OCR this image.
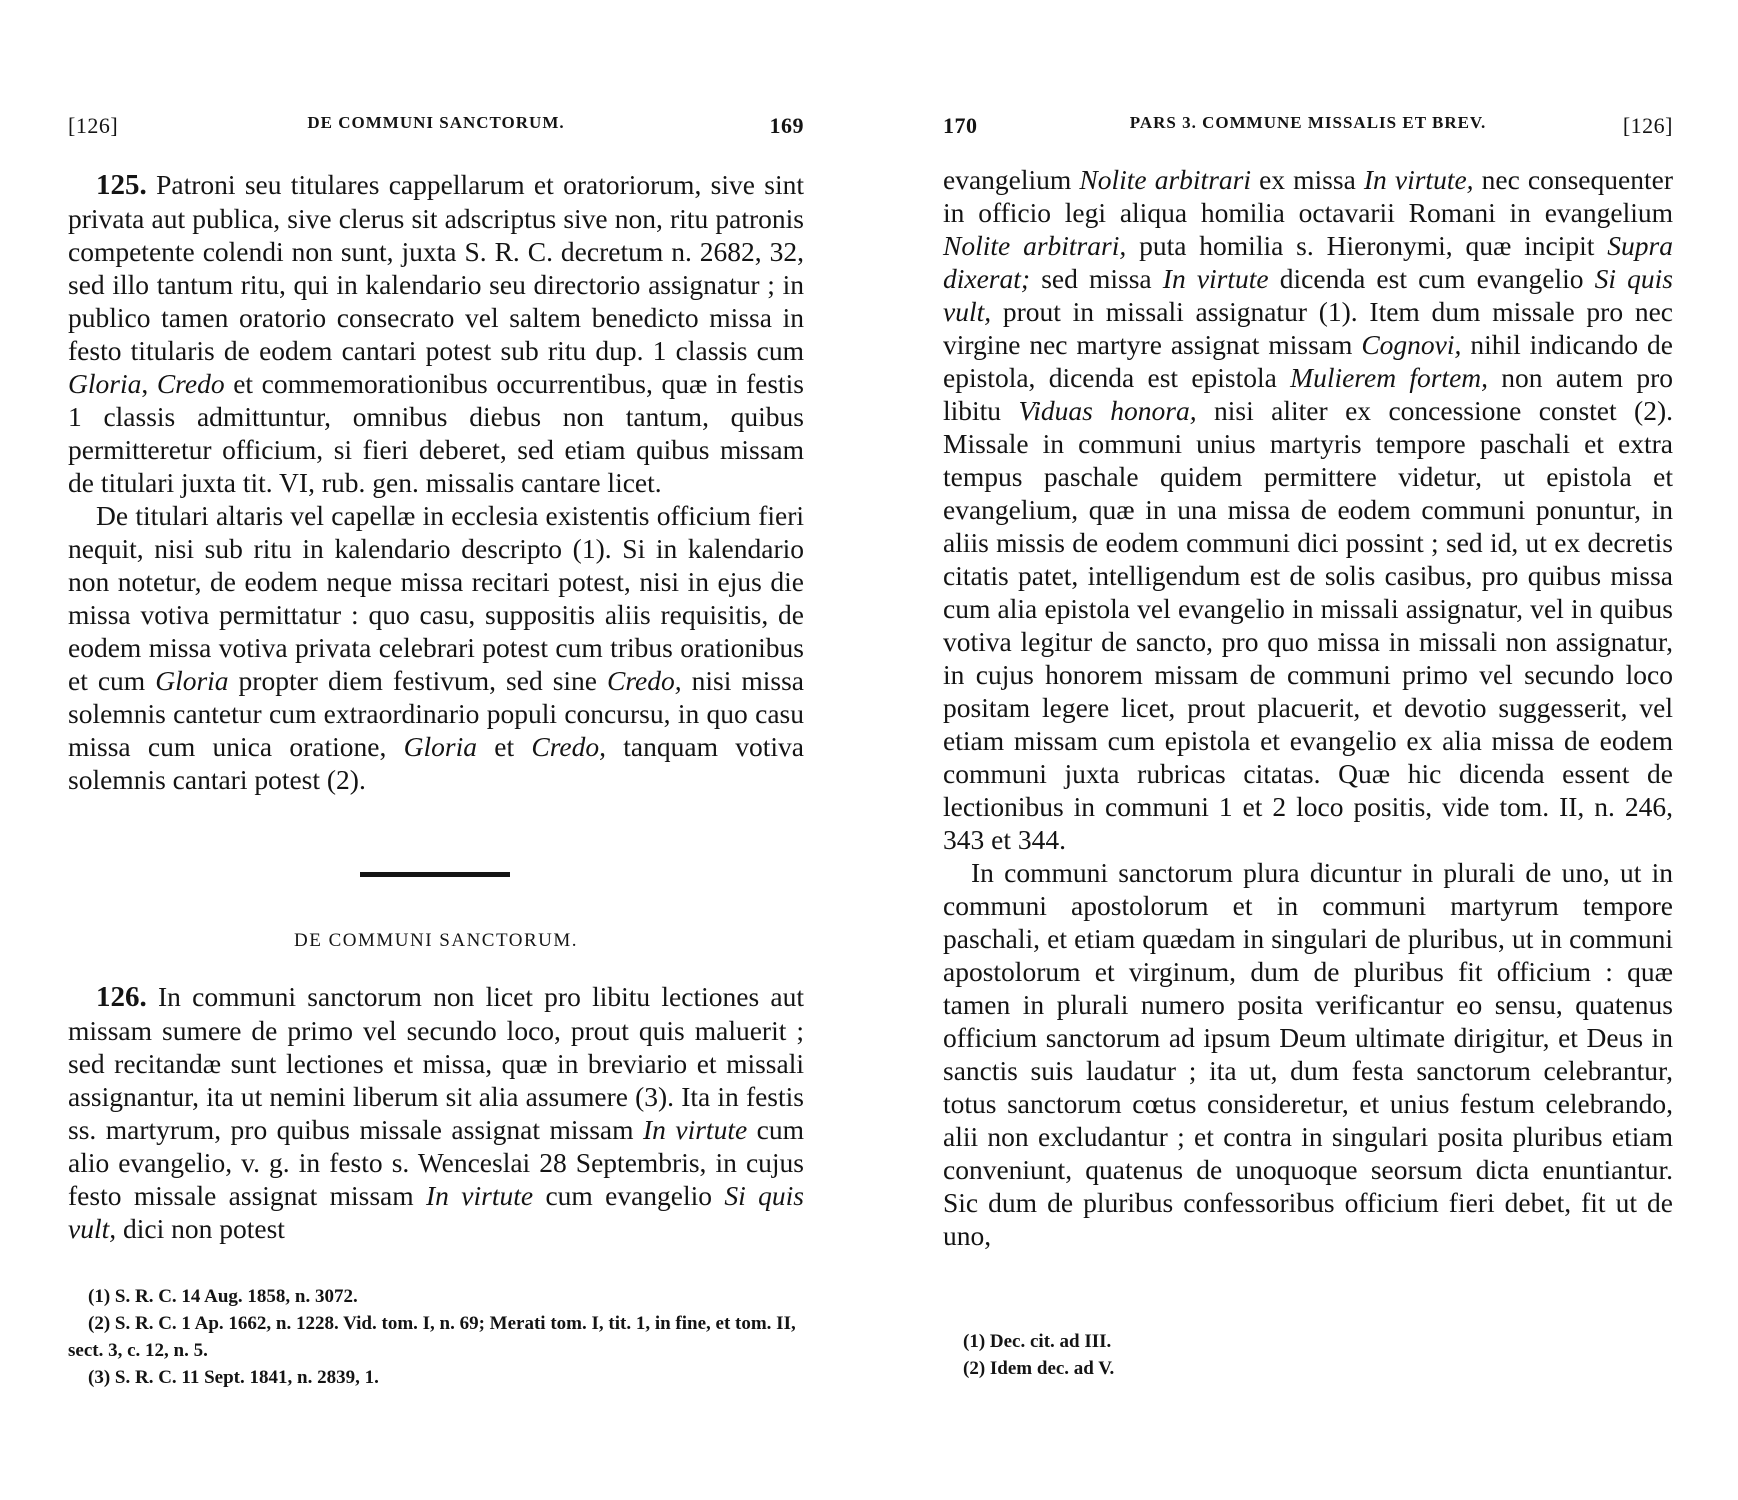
[126]	DE COMMUNI SANCTORUM.	169

125. Patroni seu titulares cappellarum et oratoriorum, sive sint privata aut publica, sive clerus sit adscriptus sive non, ritu patronis competente colendi non sunt, juxta S. R. C. decretum n. 2682, 32, sed illo tantum ritu, qui in kalendario seu directorio assignatur ; in publico tamen oratorio consecrato vel saltem benedicto missa in festo titularis de eodem cantari potest sub ritu dup. 1 classis cum Gloria, Credo et commemorationibus occurrentibus, quæ in festis 1 classis admittuntur, omnibus diebus non tantum, quibus permitteretur officium, si fieri deberet, sed etiam quibus missam de titulari juxta tit. VI, rub. gen. missalis cantare licet.

De titulari altaris vel capellæ in ecclesia existentis officium fieri nequit, nisi sub ritu in kalendario descripto (1). Si in kalendario non notetur, de eodem neque missa recitari potest, nisi in ejus die missa votiva permittatur : quo casu, suppositis aliis requisitis, de eodem missa votiva privata celebrari potest cum tribus orationibus et cum Gloria propter diem festivum, sed sine Credo, nisi missa solemnis cantetur cum extraordinario populi concursu, in quo casu missa cum unica oratione, Gloria et Credo, tanquam votiva solemnis cantari potest (2).

DE COMMUNI SANCTORUM.

126. In communi sanctorum non licet pro libitu lectiones aut missam sumere de primo vel secundo loco, prout quis maluerit ; sed recitandæ sunt lectiones et missa, quæ in breviario et missali assignantur, ita ut nemini liberum sit alia assumere (3). Ita in festis ss. martyrum, pro quibus missale assignat missam In virtute cum alio evangelio, v. g. in festo s. Wenceslai 28 Septembris, in cujus festo missale assignat missam In virtute cum evangelio Si quis vult, dici non potest

(1) S. R. C. 14 Aug. 1858, n. 3072.

(2) S. R. C. 1 Ap. 1662, n. 1228. Vid. tom. I, n. 69; Merati tom. I, tit. 1, in fine, et tom. II, sect. 3, c. 12, n. 5.

(3) S. R. C. 11 Sept. 1841, n. 2839, 1.

170	PARS 3. COMMUNE MISSALIS ET BREV.	[126]

evangelium Nolite arbitrari ex missa In virtute, nec consequenter in officio legi aliqua homilia octavarii Romani in evangelium Nolite arbitrari, puta homilia s. Hieronymi, quæ incipit Supra dixerat; sed missa In virtute dicenda est cum evangelio Si quis vult, prout in missali assignatur (1). Item dum missale pro nec virgine nec martyre assignat missam Cognovi, nihil indicando de epistola, dicenda est epistola Mulierem fortem, non autem pro libitu Viduas honora, nisi aliter ex concessione constet (2). Missale in communi unius martyris tempore paschali et extra tempus paschale quidem permittere videtur, ut epistola et evangelium, quæ in una missa de eodem communi ponuntur, in aliis missis de eodem communi dici possint ; sed id, ut ex decretis citatis patet, intelligendum est de solis casibus, pro quibus missa cum alia epistola vel evangelio in missali assignatur, vel in quibus votiva legitur de sancto, pro quo missa in missali non assignatur, in cujus honorem missam de communi primo vel secundo loco positam legere licet, prout placuerit, et devotio suggesserit, vel etiam missam cum epistola et evangelio ex alia missa de eodem communi juxta rubricas citatas. Quæ hic dicenda essent de lectionibus in communi 1 et 2 loco positis, vide tom. II, n. 246, 343 et 344.

In communi sanctorum plura dicuntur in plurali de uno, ut in communi apostolorum et in communi martyrum tempore paschali, et etiam quædam in singulari de pluribus, ut in communi apostolorum et virginum, dum de pluribus fit officium : quæ tamen in plurali numero posita verificantur eo sensu, quatenus officium sanctorum ad ipsum Deum ultimate dirigitur, et Deus in sanctis suis laudatur ; ita ut, dum festa sanctorum celebrantur, totus sanctorum cœtus consideretur, et unius festum celebrando, alii non excludantur ; et contra in singulari posita pluribus etiam conveniunt, quatenus de unoquoque seorsum dicta enuntiantur. Sic dum de pluribus confessoribus officium fieri debet, fit ut de uno,

(1) Dec. cit. ad III.

(2) Idem dec. ad V.
